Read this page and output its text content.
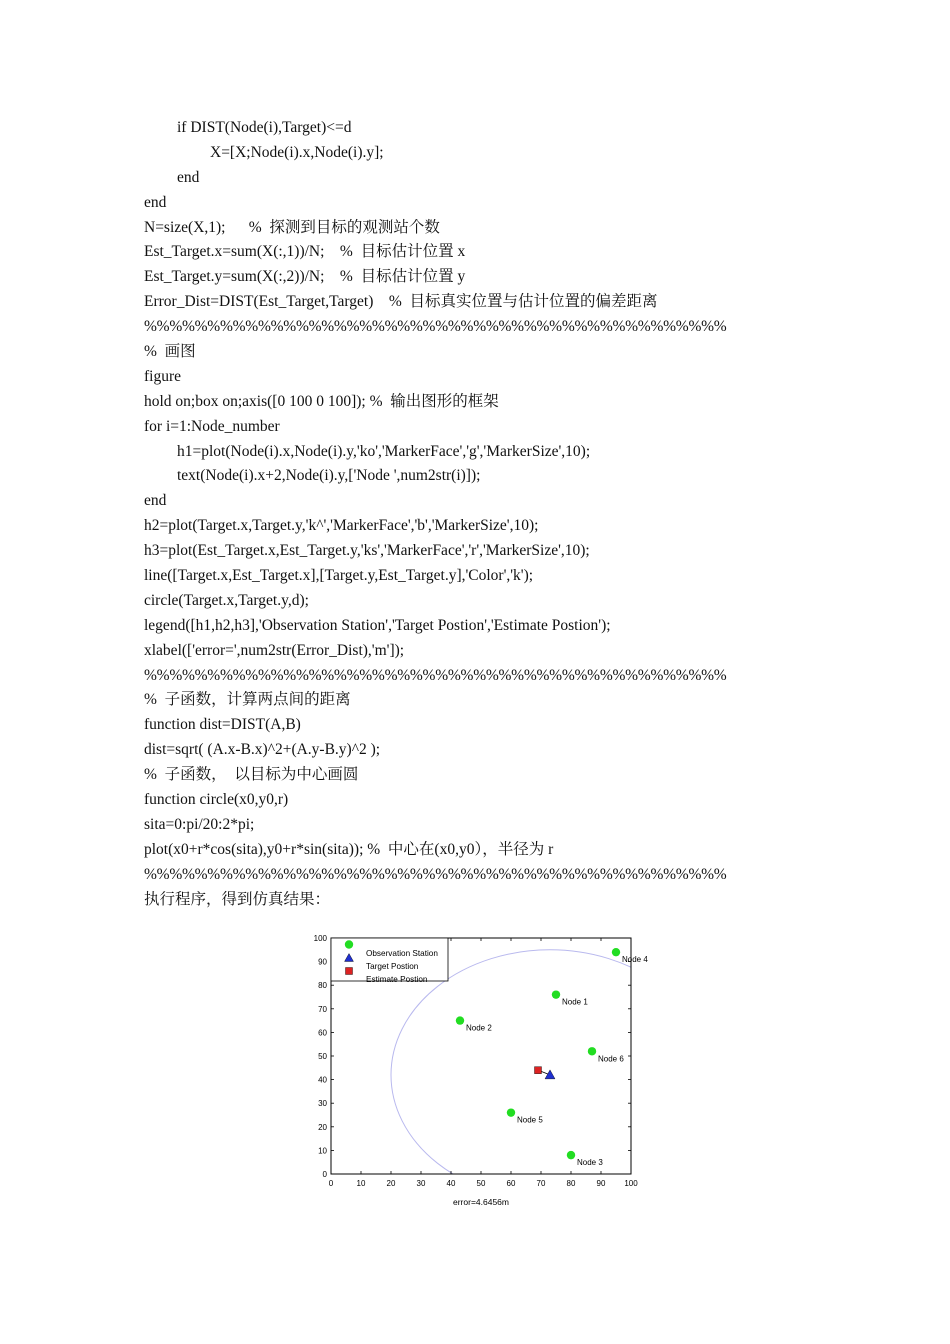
if DIST(Node(i),Target)<=d
X=[X;Node(i).x,Node(i).y];
end
end
N=size(X,1);      %  探测到目标的观测站个数
Est_Target.x=sum(X(:,1))/N;    %  目标估计位置 x
Est_Target.y=sum(X(:,2))/N;    %  目标估计位置 y
Error_Dist=DIST(Est_Target,Target)    %  目标真实位置与估计位置的偏差距离
%%%%%%%%%%%%%%%%%%%%%%%%%%%%%%%%%%%%%%%%%%%%%%
%  画图
figure
hold on;box on;axis([0 100 0 100]); %  输出图形的框架
for i=1:Node_number
h1=plot(Node(i).x,Node(i).y,'ko','MarkerFace','g','MarkerSize',10);
text(Node(i).x+2,Node(i).y,['Node ',num2str(i)]);
end
h2=plot(Target.x,Target.y,'k^','MarkerFace','b','MarkerSize',10);
h3=plot(Est_Target.x,Est_Target.y,'ks','MarkerFace','r','MarkerSize',10);
line([Target.x,Est_Target.x],[Target.y,Est_Target.y],'Color','k');
circle(Target.x,Target.y,d);
legend([h1,h2,h3],'Observation Station','Target Postion','Estimate Postion');
xlabel(['error=',num2str(Error_Dist),'m']);
%%%%%%%%%%%%%%%%%%%%%%%%%%%%%%%%%%%%%%%%%%%%%%
%  子函数，计算两点间的距离
function dist=DIST(A,B)
dist=sqrt( (A.x-B.x)^2+(A.y-B.y)^2 );
%  子函数，  以目标为中心画圆
function circle(x0,y0,r)
sita=0:pi/20:2*pi;
plot(x0+r*cos(sita),y0+r*sin(sita)); %  中心在(x0,y0），半径为 r
%%%%%%%%%%%%%%%%%%%%%%%%%%%%%%%%%%%%%%%%%%%%%%
执行程序，得到仿真结果：
0	10	20	30	40	50	60	70	80	90 100
0
10
20
30
40
50
60
70
80
90
100
Node 1
Node 2
Node 3
Node 4
Node 5
Node 6
error=4.6456m
Observation Station
Target Postion
Estimate Postion
